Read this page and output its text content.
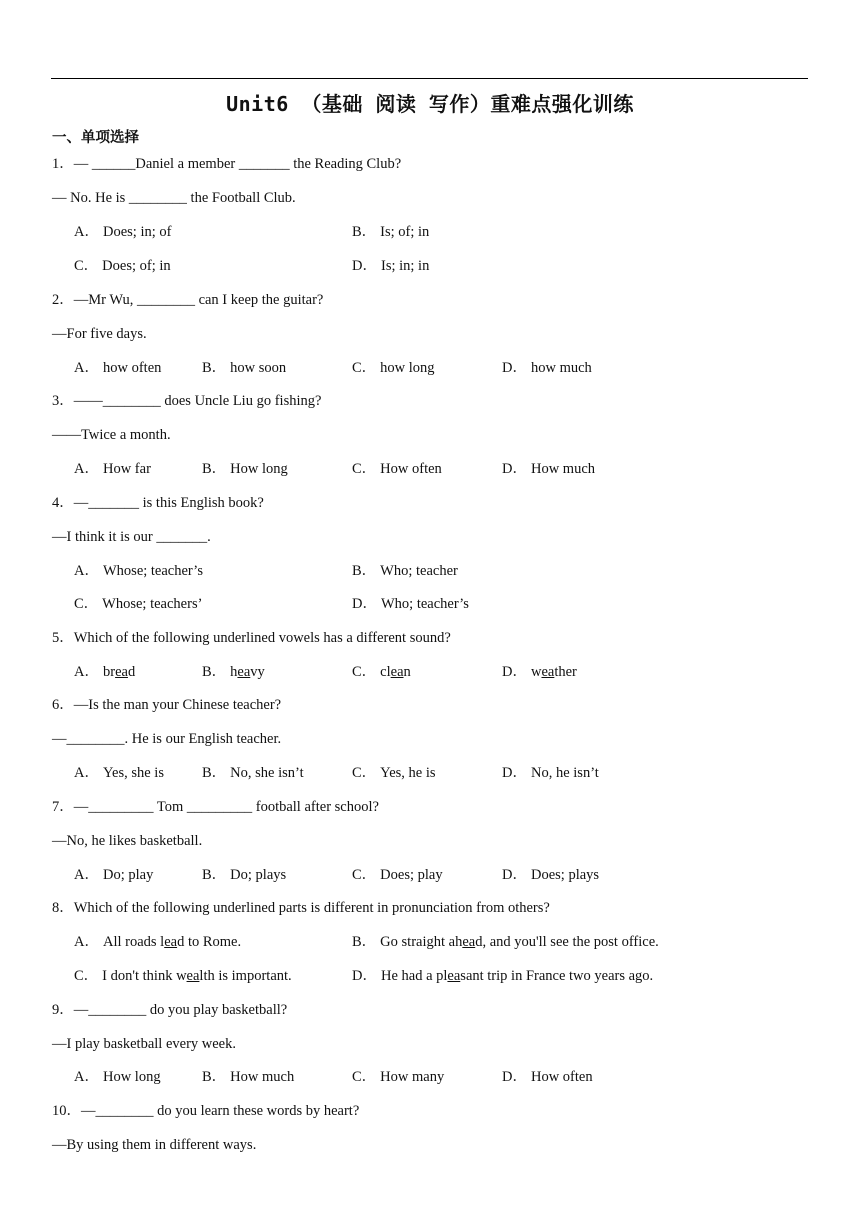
Unit6 （基础 阅读 写作）重难点强化训练
一、单项选择
1．— ______Daniel a member _______ the Reading Club?
— No. He is ________ the Football Club.
A． Does; in; of	B． Is; of; in
C． Does; of; in	D． Is; in; in
2．—Mr Wu, ________ can I keep the guitar?
—For five days.
A． how often	B． how soon	C． how long	D． how much
3．——________ does Uncle Liu go fishing?
——Twice a month.
A． How far	B． How long	C． How often	D． How much
4．—_______ is this English book?
—I think it is our _______.
A． Whose; teacher’s	B． Who; teacher
C． Whose; teachers’	D． Who; teacher’s
5．Which of the following underlined vowels has a different sound?
A． bread	B． heavy	C． clean	D． weather
6．—Is the man your Chinese teacher?
—________. He is our English teacher.
A． Yes, she is	B． No, she isn’t	C． Yes, he is	D． No, he isn’t
7．—_________ Tom _________ football after school?
—No, he likes basketball.
A． Do; play	B． Do; plays	C． Does; play	D． Does; plays
8．Which of the following underlined parts is different in pronunciation from others?
A． All roads lead to Rome.	B． Go straight ahead, and you'll see the post office.
C． I don't think wealth is important.	D． He had a pleasant trip in France two years ago.
9．—________ do you play basketball?
—I play basketball every week.
A． How long	B． How much	C． How many	D． How often
10．—________ do you learn these words by heart?
—By using them in different ways.
